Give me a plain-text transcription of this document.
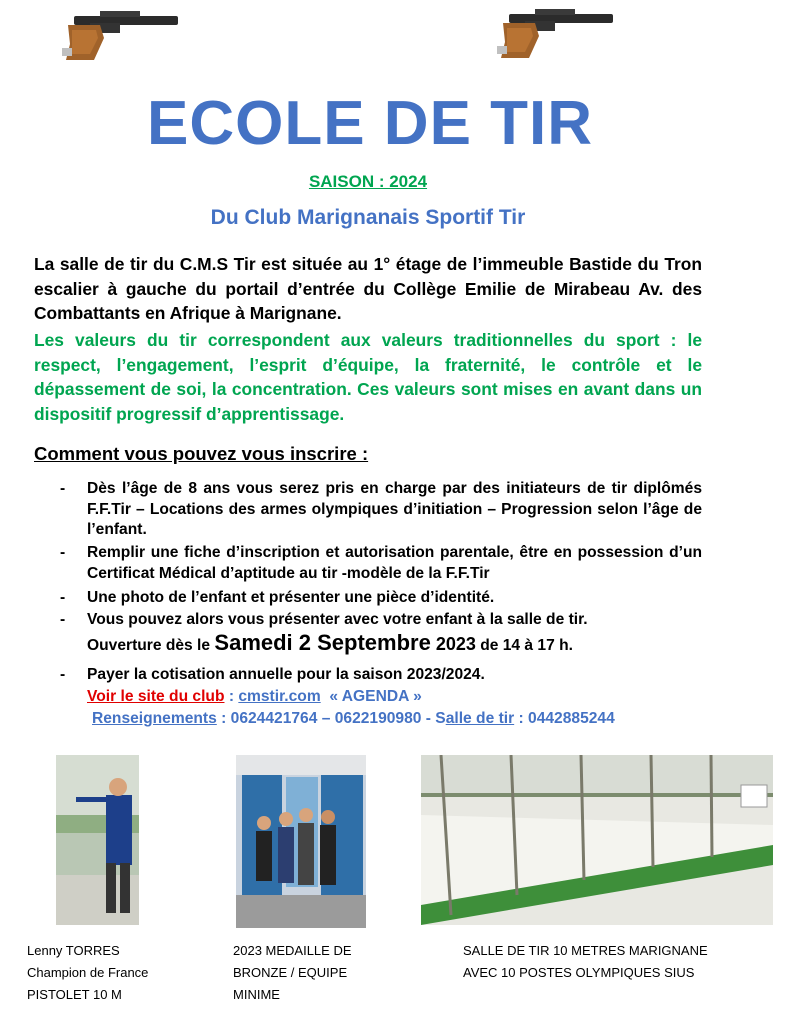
ECOLE DE TIR
SAISON : 2024
Du Club Marignanais Sportif Tir
La salle de tir du C.M.S Tir est située au 1° étage de l’immeuble Bastide du Tron escalier à gauche du portail d’entrée du Collège Emilie de Mirabeau Av. des Combattants en Afrique à Marignane.
Les valeurs du tir correspondent aux valeurs traditionnelles du sport : le respect, l’engagement, l’esprit d’équipe, la fraternité, le contrôle et le dépassement de soi, la concentration. Ces valeurs sont mises en avant dans un dispositif progressif d’apprentissage.
Comment vous pouvez vous inscrire :
- Dès l’âge de 8 ans vous serez pris en charge par des initiateurs de tir diplômés F.F.Tir – Locations des armes olympiques d’initiation – Progression selon l’âge de l’enfant.
- Remplir une fiche d’inscription et autorisation parentale, être en possession d’un Certificat Médical d’aptitude au tir -modèle de la F.F.Tir
- Une photo de l’enfant et présenter une pièce d’identité.
- Vous pouvez alors vous présenter avec votre enfant à la salle de tir.
Ouverture dès le Samedi 2 Septembre 2023 de 14 à 17 h.
- Payer la cotisation annuelle pour la saison 2023/2024.
Voir le site du club : cmstir.com « AGENDA »
Renseignements : 0624421764 – 0622190980 - Salle de tir : 0442885244
Lenny TORRES
Champion de France
PISTOLET 10 M
2023 MEDAILLE DE
BRONZE / EQUIPE
MINIME
SALLE DE TIR 10 METRES MARIGNANE
AVEC 10 POSTES OLYMPIQUES SIUS
